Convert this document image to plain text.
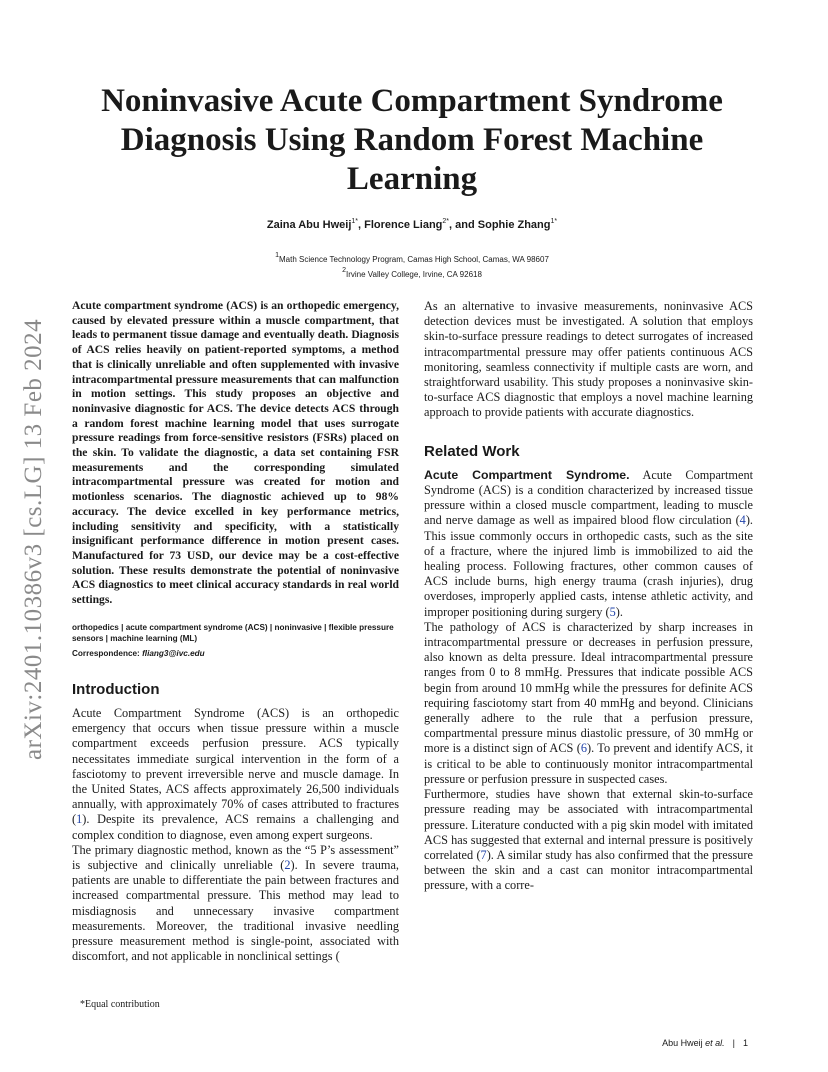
arXiv:2401.10386v3 [cs.LG] 13 Feb 2024
Noninvasive Acute Compartment Syndrome Diagnosis Using Random Forest Machine Learning
Zaina Abu Hweij$^{1*}$, Florence Liang$^{2*}$, and Sophie Zhang$^{1*}$
$^1$Math Science Technology Program, Camas High School, Camas, WA 98607
$^2$Irvine Valley College, Irvine, CA 92618

Acute compartment syndrome (ACS) is an orthopedic emergency, caused by elevated pressure within a muscle compartment, that leads to permanent tissue damage and eventually death. Diagnosis of ACS relies heavily on patient-reported symptoms, a method that is clinically unreliable and often supplemented with invasive intracompartmental pressure measurements that can malfunction in motion settings. This study proposes an objective and noninvasive diagnostic for ACS. The device detects ACS through a random forest machine learning model that uses surrogate pressure readings from force-sensitive resistors (FSRs) placed on the skin. To validate the diagnostic, a data set containing FSR measurements and the corresponding simulated intracompartmental pressure was created for motion and motionless scenarios. The diagnostic achieved up to 98% accuracy. The device excelled in key performance metrics, including sensitivity and specificity, with a statistically insignificant performance difference in motion present cases. Manufactured for 73 USD, our device may be a cost-effective solution. These results demonstrate the potential of noninvasive ACS diagnostics to meet clinical accuracy standards in real world settings.

orthopedics | acute compartment syndrome (ACS) | noninvasive | flexible pressure sensors | machine learning (ML)

Correspondence: fliang3@ivc.edu

Introduction

Acute Compartment Syndrome (ACS) is an orthopedic emergency that occurs when tissue pressure within a muscle compartment exceeds perfusion pressure. ACS typically necessitates immediate surgical intervention in the form of a fasciotomy to prevent irreversible nerve and muscle damage. In the United States, ACS affects approximately 26,500 individuals annually, with approximately 70% of cases attributed to fractures (1). Despite its prevalence, ACS remains a challenging and complex condition to diagnose, even among expert surgeons.

The primary diagnostic method, known as the “5 P’s assessment” is subjective and clinically unreliable (2). In severe trauma, patients are unable to differentiate the pain between fractures and increased compartmental pressure. This method may lead to misdiagnosis and unnecessary invasive compartment measurements. Moreover, the traditional invasive needling pressure measurement method is single-point, associated with discomfort, and not applicable in nonclinical settings (

As an alternative to invasive measurements, noninvasive ACS detection devices must be investigated. A solution that employs skin-to-surface pressure readings to detect surrogates of increased intracompartmental pressure may offer patients continuous ACS monitoring, seamless connectivity if multiple casts are worn, and straightforward usability. This study proposes a noninvasive skin-to-surface ACS diagnostic that employs a novel machine learning approach to provide patients with accurate diagnostics.

Related Work

Acute Compartment Syndrome. Acute Compartment Syndrome (ACS) is a condition characterized by increased tissue pressure within a closed muscle compartment, leading to muscle and nerve damage as well as impaired blood flow circulation (4). This issue commonly occurs in orthopedic casts, such as the site of a fracture, where the injured limb is immobilized to aid the healing process. Following fractures, other common causes of ACS include burns, high energy trauma (crash injuries), drug overdoses, improperly applied casts, intense athletic activity, and improper positioning during surgery (5).

The pathology of ACS is characterized by sharp increases in intracompartmental pressure or decreases in perfusion pressure, also known as delta pressure. Ideal intracompartmental pressure ranges from 0 to 8 mmHg. Pressures that indicate possible ACS begin from around 10 mmHg while the pressures for definite ACS requiring fasciotomy start from 40 mmHg and beyond. Clinicians generally adhere to the rule that a perfusion pressure, compartmental pressure minus diastolic pressure, of 30 mmHg or more is a distinct sign of ACS (6). To prevent and identify ACS, it is critical to be able to continuously monitor intracompartmental pressure or perfusion pressure in suspected cases.

Furthermore, studies have shown that external skin-to-surface pressure reading may be associated with intracompartmental pressure. Literature conducted with a pig skin model with imitated ACS has suggested that external and internal pressure is positively correlated (7). A similar study has also confirmed that the pressure between the skin and a cast can monitor intracompartmental pressure, with a corre-

*Equal contribution
Abu Hweij et al. | 1
